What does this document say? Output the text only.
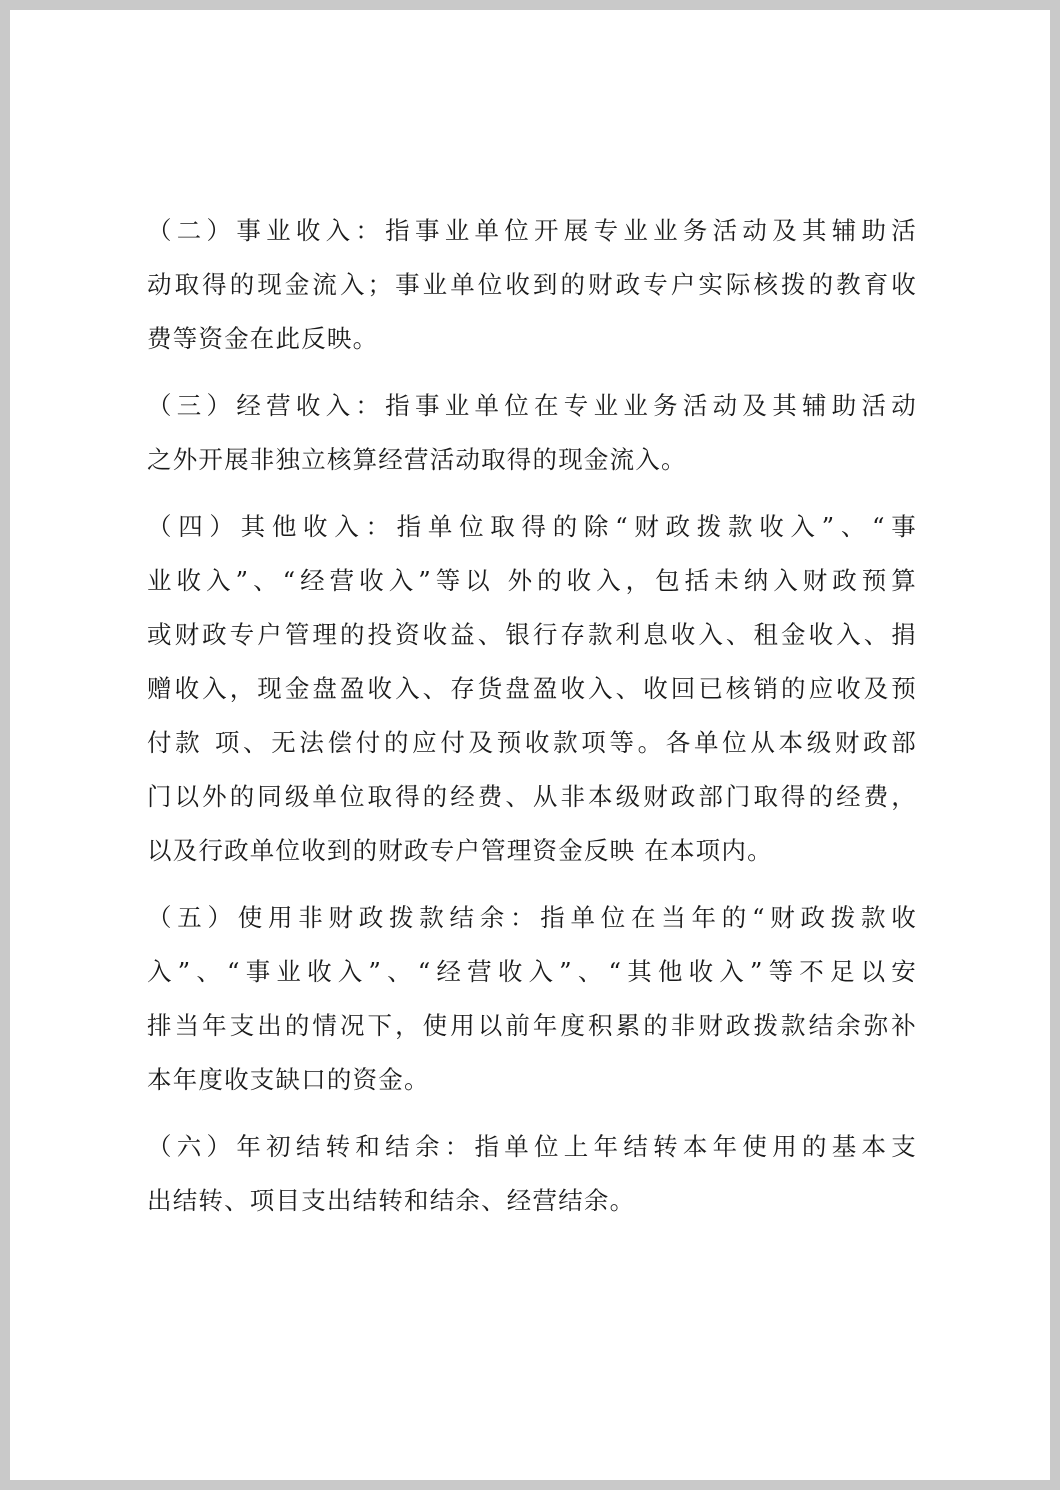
（二）事业收入：指事业单位开展专业业务活动及其辅助活
动取得的现金流入；事业单位收到的财政专户实际核拨的教育收
费等资金在此反映。

（三）经营收入：指事业单位在专业业务活动及其辅助活动
之外开展非独立核算经营活动取得的现金流入。

（四）其他收入：指单位取得的除“财政拨款收入”、“事
业收入”、“经营收入”等以 外的收入，包括未纳入财政预算
或财政专户管理的投资收益、银行存款利息收入、租金收入、捐
赠收入，现金盘盈收入、存货盘盈收入、收回已核销的应收及预
付款 项、无法偿付的应付及预收款项等。各单位从本级财政部
门以外的同级单位取得的经费、从非本级财政部门取得的经费，
以及行政单位收到的财政专户管理资金反映 在本项内。

（五）使用非财政拨款结余：指单位在当年的“财政拨款收
入”、“事业收入”、“经营收入”、“其他收入”等不足以安
排当年支出的情况下，使用以前年度积累的非财政拨款结余弥补
本年度收支缺口的资金。

（六）年初结转和结余：指单位上年结转本年使用的基本支
出结转、项目支出结转和结余、经营结余。
